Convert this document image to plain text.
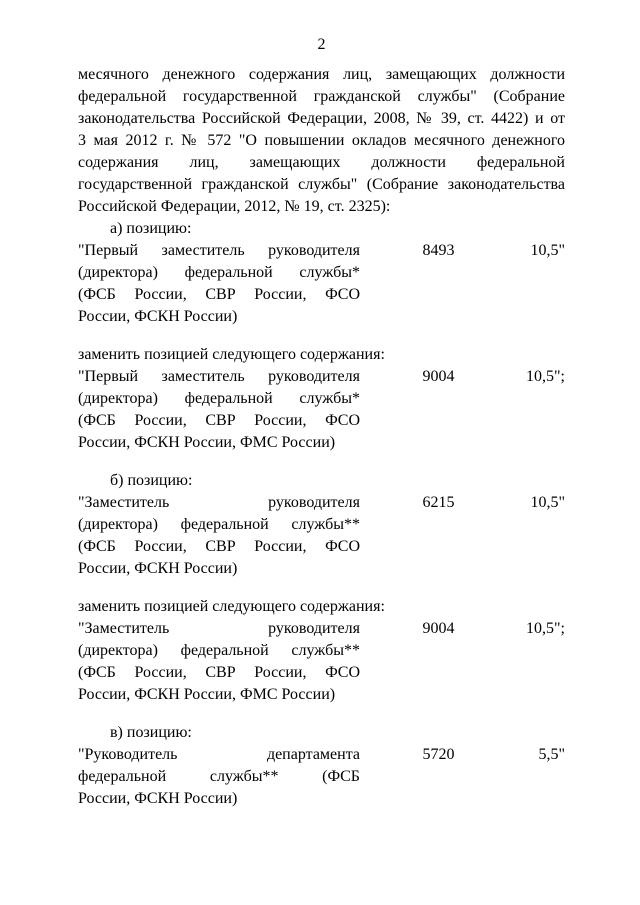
2
месячного денежного содержания лиц, замещающих должности
федеральной государственной гражданской службы" (Собрание
законодательства Российской Федерации, 2008, № 39, ст. 4422) и от
3 мая 2012 г. № 572 "О повышении окладов месячного денежного
содержания лиц, замещающих должности федеральной
государственной гражданской службы" (Собрание законодательства
Российской Федерации, 2012, № 19, ст. 2325):
а) позицию:
"Первый заместитель руководителя
(директора) федеральной службы*
(ФСБ России, СВР России, ФСО
России, ФСКН России)
8493	10,5"
заменить позицией следующего содержания:
"Первый заместитель руководителя
(директора) федеральной службы*
(ФСБ России, СВР России, ФСО
России, ФСКН России, ФМС России)
9004	10,5";
б) позицию:
"Заместитель руководителя
(директора) федеральной службы**
(ФСБ России, СВР России, ФСО
России, ФСКН России)
6215	10,5"
заменить позицией следующего содержания:
"Заместитель руководителя
(директора) федеральной службы**
(ФСБ России, СВР России, ФСО
России, ФСКН России, ФМС России)
9004	10,5";
в) позицию:
"Руководитель департамента
федеральной службы** (ФСБ
России, ФСКН России)
5720	5,5"
